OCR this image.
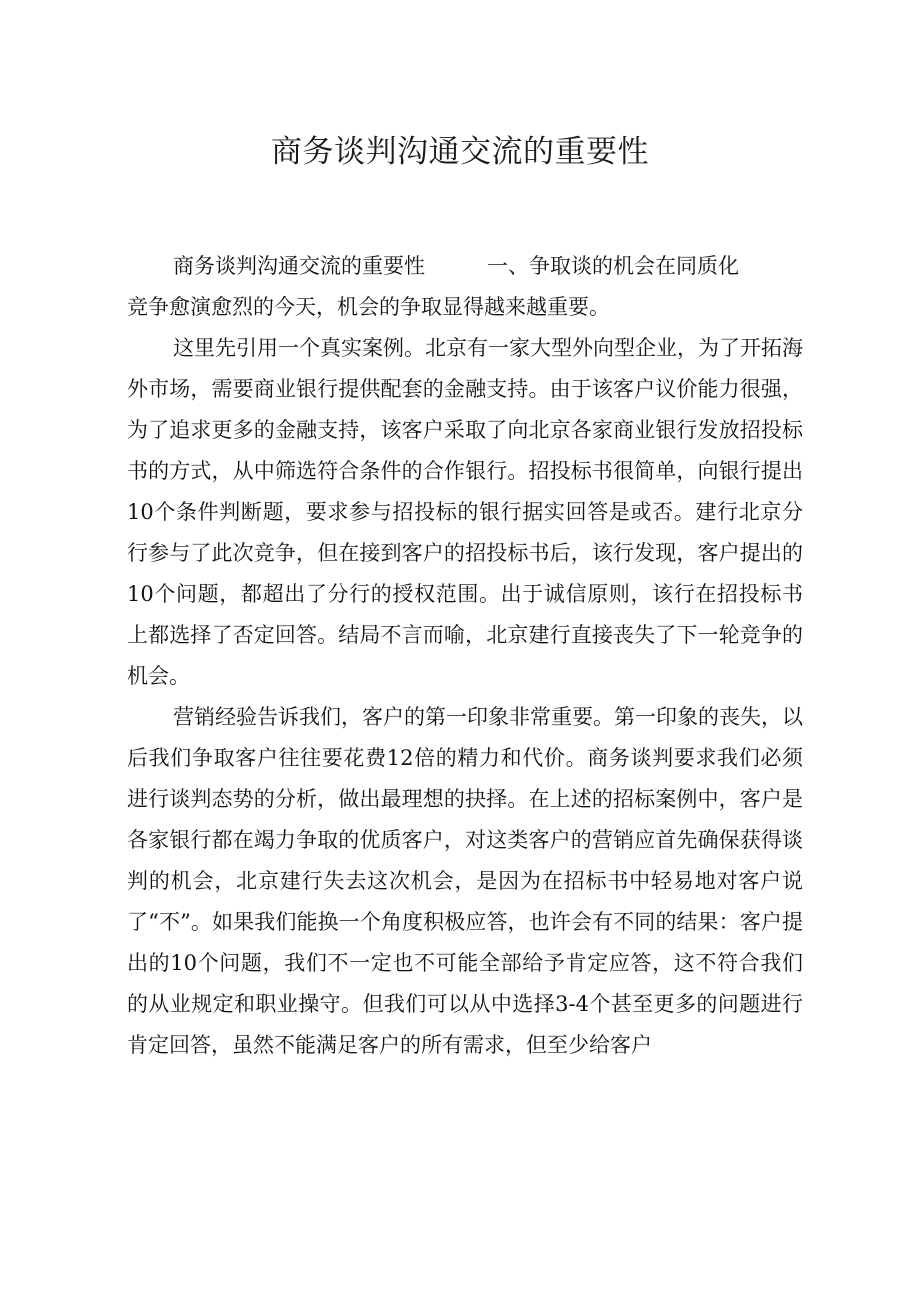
商务谈判沟通交流的重要性

商务谈判沟通交流的重要性	一、争取谈的机会在同质化
竞争愈演愈烈的今天，机会的争取显得越来越重要。

这里先引用一个真实案例。北京有一家大型外向型企业，为了开拓海外市场，需要商业银行提供配套的金融支持。由于该客户议价能力很强，为了追求更多的金融支持，该客户采取了向北京各家商业银行发放招投标书的方式，从中筛选符合条件的合作银行。招投标书很简单，向银行提出10个条件判断题，要求参与招投标的银行据实回答是或否。建行北京分行参与了此次竞争，但在接到客户的招投标书后，该行发现，客户提出的10个问题，都超出了分行的授权范围。出于诚信原则，该行在招投标书上都选择了否定回答。结局不言而喻，北京建行直接丧失了下一轮竞争的机会。

营销经验告诉我们，客户的第一印象非常重要。第一印象的丧失，以后我们争取客户往往要花费12倍的精力和代价。商务谈判要求我们必须进行谈判态势的分析，做出最理想的抉择。在上述的招标案例中，客户是各家银行都在竭力争取的优质客户，对这类客户的营销应首先确保获得谈判的机会，北京建行失去这次机会，是因为在招标书中轻易地对客户说了“不”。如果我们能换一个角度积极应答，也许会有不同的结果：客户提出的10个问题，我们不一定也不可能全部给予肯定应答，这不符合我们的从业规定和职业操守。但我们可以从中选择3-4个甚至更多的问题进行肯定回答，虽然不能满足客户的所有需求，但至少给客户
